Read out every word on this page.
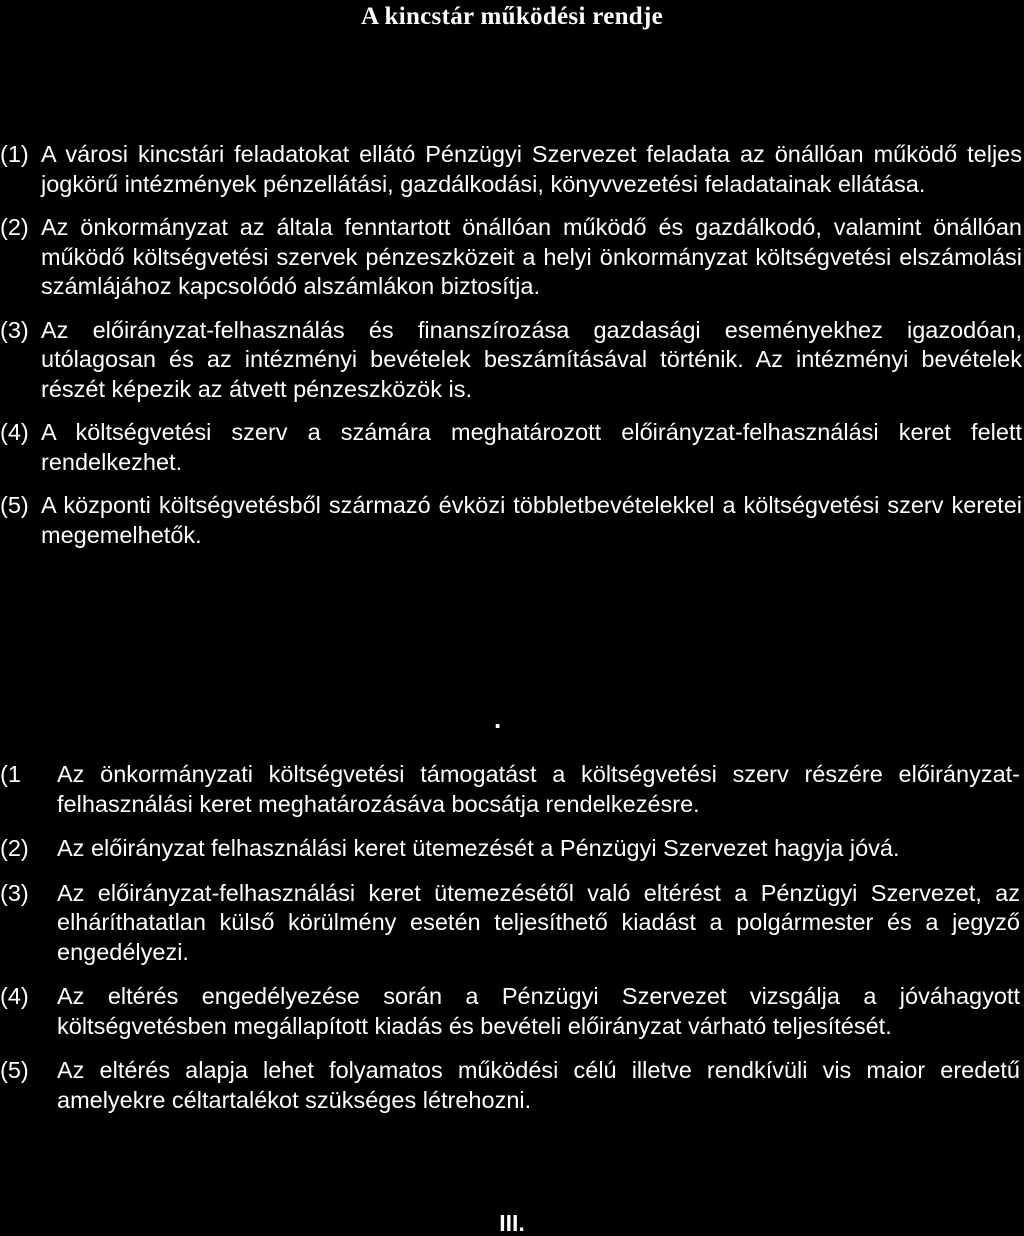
A kincstár működési rendje

(1) A városi kincstári feladatokat ellátó Pénzügyi Szervezet feladata az önállóan működő teljes jogkörű intézmények pénzellátási, gazdálkodási, könyvvezetési feladatainak ellátása.

(2) Az önkormányzat az általa fenntartott önállóan működő és gazdálkodó, valamint önállóan működő költségvetési szervek pénzeszközeit a helyi önkormányzat költségvetési elszámolási számlájához kapcsolódó alszámlákon biztosítja.

(3) Az előirányzat-felhasználás és finanszírozása gazdasági eseményekhez igazodóan, utólagosan és az intézményi bevételek beszámításával történik. Az intézményi bevételek részét képezik az átvett pénzeszközök is.

(4) A költségvetési szerv a számára meghatározott előirányzat-felhasználási keret felett rendelkezhet.

(5) A központi költségvetésből származó évközi többletbevételekkel a költségvetési szerv keretei megemelhetők.

.

(1 Az önkormányzati költségvetési támogatást a költségvetési szerv részére előirányzat-felhasználási keret meghatározásáva bocsátja rendelkezésre.

(2) Az előirányzat felhasználási keret ütemezését a Pénzügyi Szervezet hagyja jóvá.

(3) Az előirányzat-felhasználási keret ütemezésétől való eltérést a Pénzügyi Szervezet, az elháríthatatlan külső körülmény esetén teljesíthető kiadást a polgármester és a jegyző engedélyezi.

(4) Az eltérés engedélyezése során a Pénzügyi Szervezet vizsgálja a jóváhagyott költségvetésben megállapított kiadás és bevételi előirányzat várható teljesítését.

(5) Az eltérés alapja lehet folyamatos működési célú illetve rendkívüli vis maior eredetű amelyekre céltartalékot szükséges létrehozni.

III.
